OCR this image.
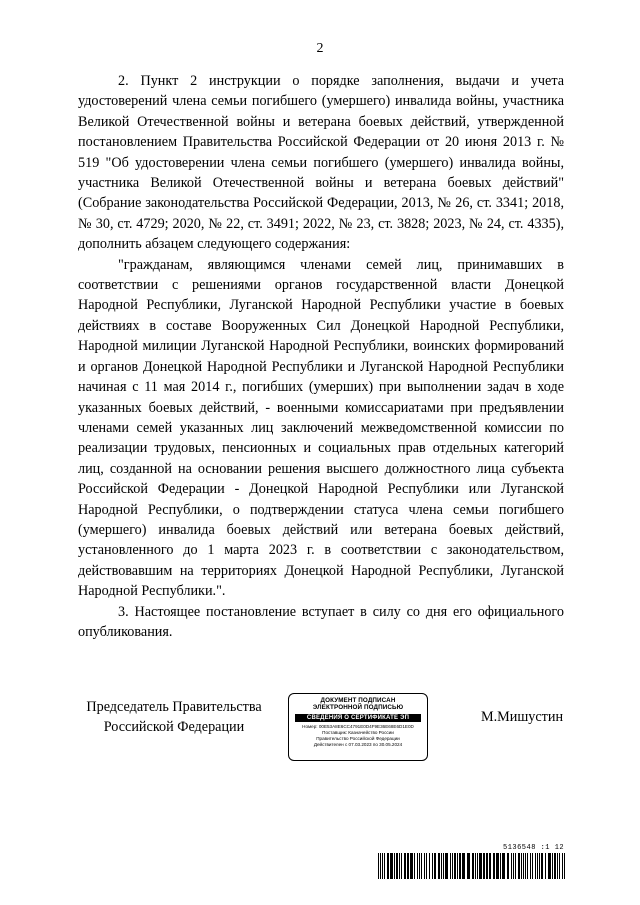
2

2. Пункт 2 инструкции о порядке заполнения, выдачи и учета удостоверений члена семьи погибшего (умершего) инвалида войны, участника Великой Отечественной войны и ветерана боевых действий, утвержденной постановлением Правительства Российской Федерации от 20 июня 2013 г. № 519 "Об удостоверении члена семьи погибшего (умершего) инвалида войны, участника Великой Отечественной войны и ветерана боевых действий" (Собрание законодательства Российской Федерации, 2013, № 26, ст. 3341; 2018, № 30, ст. 4729; 2020, № 22, ст. 3491; 2022, № 23, ст. 3828; 2023, № 24, ст. 4335), дополнить абзацем следующего содержания:

"гражданам, являющимся членами семей лиц, принимавших в соответствии с решениями органов государственной власти Донецкой Народной Республики, Луганской Народной Республики участие в боевых действиях в составе Вооруженных Сил Донецкой Народной Республики, Народной милиции Луганской Народной Республики, воинских формирований и органов Донецкой Народной Республики и Луганской Народной Республики начиная с 11 мая 2014 г., погибших (умерших) при выполнении задач в ходе указанных боевых действий, - военными комиссариатами при предъявлении членами семей указанных лиц заключений межведомственной комиссии по реализации трудовых, пенсионных и социальных прав отдельных категорий лиц, созданной на основании решения высшего должностного лица субъекта Российской Федерации - Донецкой Народной Республики или Луганской Народной Республики, о подтверждении статуса члена семьи погибшего (умершего) инвалида боевых действий или ветерана боевых действий, установленного до 1 марта 2023 г. в соответствии с законодательством, действовавшим на территориях Донецкой Народной Республики, Луганской Народной Республики.".

3. Настоящее постановление вступает в силу со дня его официального опубликования.

Председатель Правительства
Российской Федерации
ДОКУМЕНТ ПОДПИСАН
ЭЛЕКТРОННОЙ ПОДПИСЬЮ
СВЕДЕНИЯ О СЕРТИФИКАТЕ ЭП
Номер: 00E53A8E6CC4791E0D4F9E36E68E6D1E0D
Поставщик: Казначейство России
Правительство Российской Федерации
Действителен с 07.03.2023 по 30.05.2024
М.Мишустин
5136548 :1 12
